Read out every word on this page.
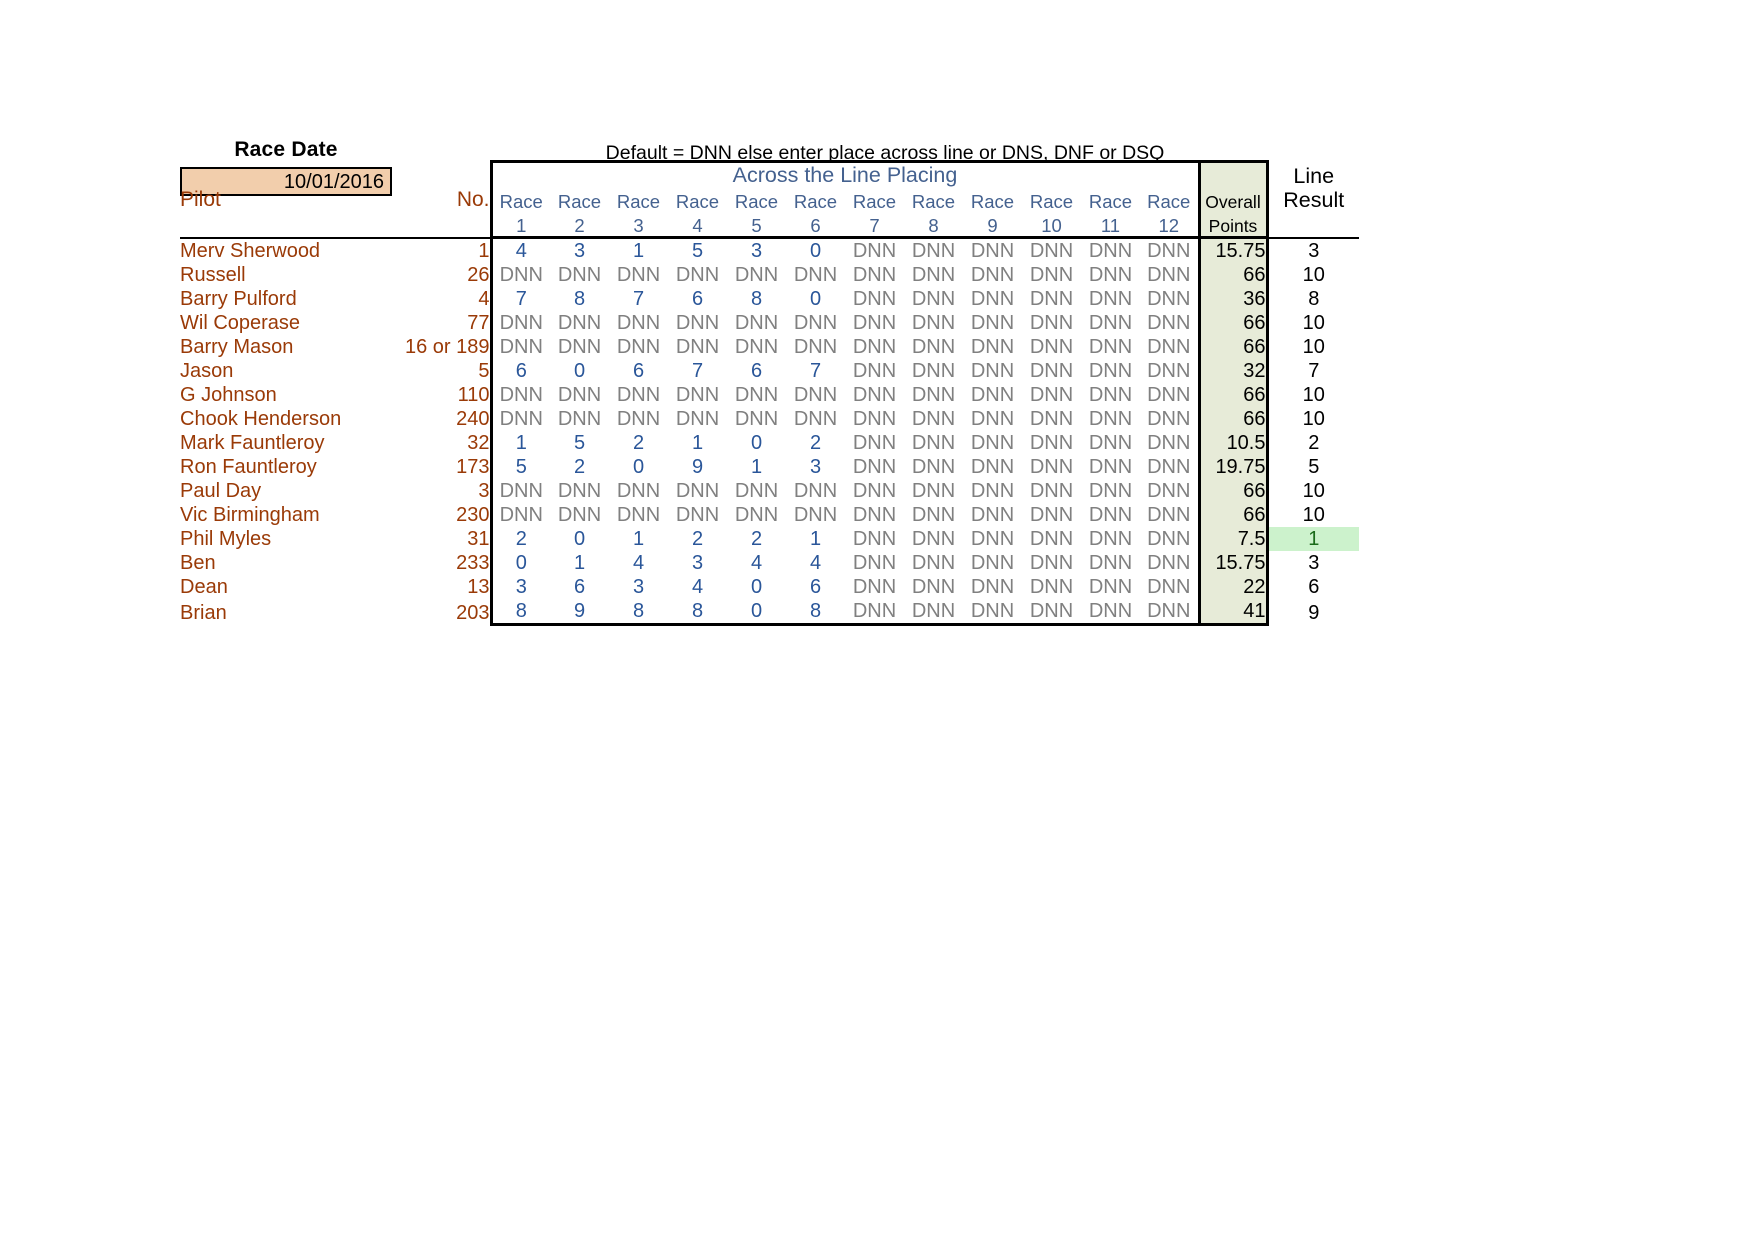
Race Date
10/01/2016
Default = DNN else enter place across line or DNS, DNF or DSQ
		Across the Line Placing													Line
Pilot	No.	Race	Race	Race	Race	Race	Race	Race	Race	Race	Race	Race	Race	Overall	Result
		1	2	3	4	5	6	7	8	9	10	11	12	Points	
Merv Sherwood	1	4	3	1	5	3	0	DNN	DNN	DNN	DNN	DNN	DNN	15.75	3
Russell	26	DNN	DNN	DNN	DNN	DNN	DNN	DNN	DNN	DNN	DNN	DNN	DNN	66	10
Barry Pulford	4	7	8	7	6	8	0	DNN	DNN	DNN	DNN	DNN	DNN	36	8
Wil Coperase	77	DNN	DNN	DNN	DNN	DNN	DNN	DNN	DNN	DNN	DNN	DNN	DNN	66	10
Barry Mason	16 or 189	DNN	DNN	DNN	DNN	DNN	DNN	DNN	DNN	DNN	DNN	DNN	DNN	66	10
Jason	5	6	0	6	7	6	7	DNN	DNN	DNN	DNN	DNN	DNN	32	7
G Johnson	110	DNN	DNN	DNN	DNN	DNN	DNN	DNN	DNN	DNN	DNN	DNN	DNN	66	10
Chook Henderson	240	DNN	DNN	DNN	DNN	DNN	DNN	DNN	DNN	DNN	DNN	DNN	DNN	66	10
Mark Fauntleroy	32	1	5	2	1	0	2	DNN	DNN	DNN	DNN	DNN	DNN	10.5	2
Ron Fauntleroy	173	5	2	0	9	1	3	DNN	DNN	DNN	DNN	DNN	DNN	19.75	5
Paul Day	3	DNN	DNN	DNN	DNN	DNN	DNN	DNN	DNN	DNN	DNN	DNN	DNN	66	10
Vic Birmingham	230	DNN	DNN	DNN	DNN	DNN	DNN	DNN	DNN	DNN	DNN	DNN	DNN	66	10
Phil Myles	31	2	0	1	2	2	1	DNN	DNN	DNN	DNN	DNN	DNN	7.5	1
Ben	233	0	1	4	3	4	4	DNN	DNN	DNN	DNN	DNN	DNN	15.75	3
Dean	13	3	6	3	4	0	6	DNN	DNN	DNN	DNN	DNN	DNN	22	6
Brian	203	8	9	8	8	0	8	DNN	DNN	DNN	DNN	DNN	DNN	41	9
